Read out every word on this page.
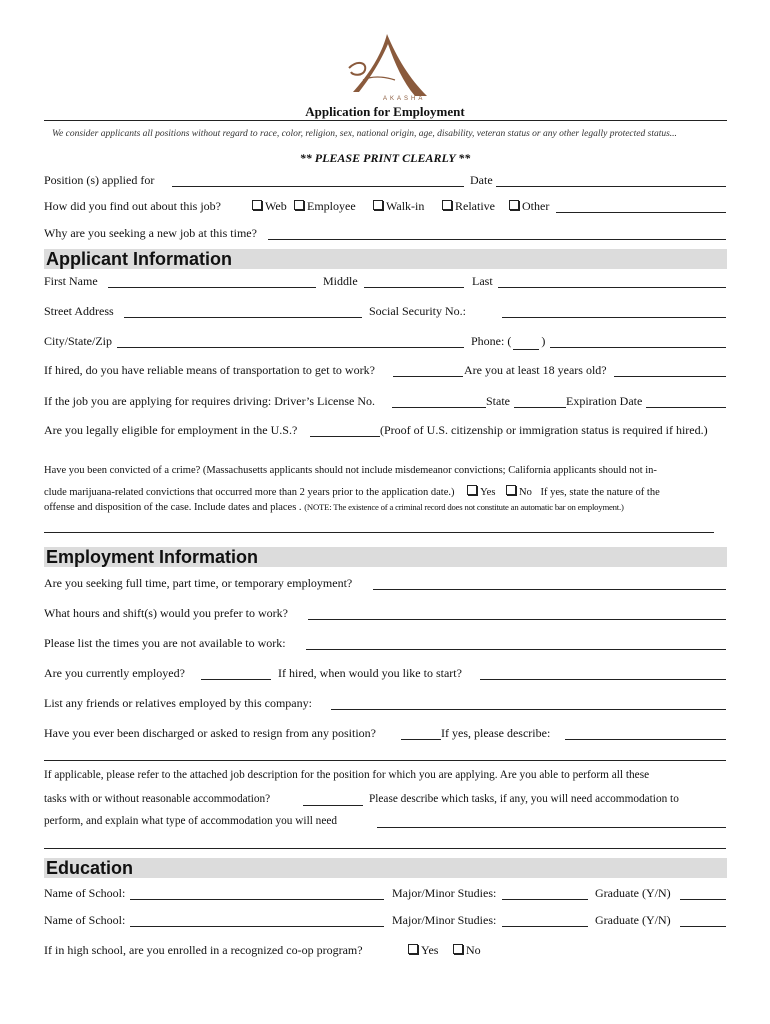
AKASHA
Application for Employment
We consider applicants all positions without regard to race, color, religion, sex, national origin, age, disability, veteran status or any other legally protected status...
** PLEASE PRINT CLEARLY **
Position (s) applied for	Date
How did you find out about this job?	Web	Employee	Walk-in	Relative	Other
Why are you seeking a new job at this time?
Applicant Information
First Name	Middle	Last
Street Address	Social Security No.:
City/State/Zip	Phone: (	)
If hired, do you have reliable means of transportation to get to work?	Are you at least 18 years old?
If the job you are applying for requires driving: Driver’s License No.	State	Expiration Date
Are you legally eligible for employment in the U.S.?	(Proof of U.S. citizenship or immigration status is required if hired.)
Have you been convicted of a crime? (Massachusetts applicants should not include misdemeanor convictions; California applicants should not in-
clude marijuana-related convictions that occurred more than 2 years prior to the application date.) Yes No If yes, state the nature of the
offense and disposition of the case. Include dates and places . (NOTE: The existence of a criminal record does not constitute an automatic bar on employment.)
Employment Information
Are you seeking full time, part time, or temporary employment?
What hours and shift(s) would you prefer to work?
Please list the times you are not available to work:
Are you currently employed?	If hired, when would you like to start?
List any friends or relatives employed by this company:
Have you ever been discharged or asked to resign from any position?	If yes, please describe:
If applicable, please refer to the attached job description for the position for which you are applying. Are you able to perform all these
tasks with or without reasonable accommodation?	Please describe which tasks, if any, you will need accommodation to
perform, and explain what type of accommodation you will need
Education
Name of School:	Major/Minor Studies:	Graduate (Y/N)
Name of School:	Major/Minor Studies:	Graduate (Y/N)
If in high school, are you enrolled in a recognized co-op program?	Yes	No
